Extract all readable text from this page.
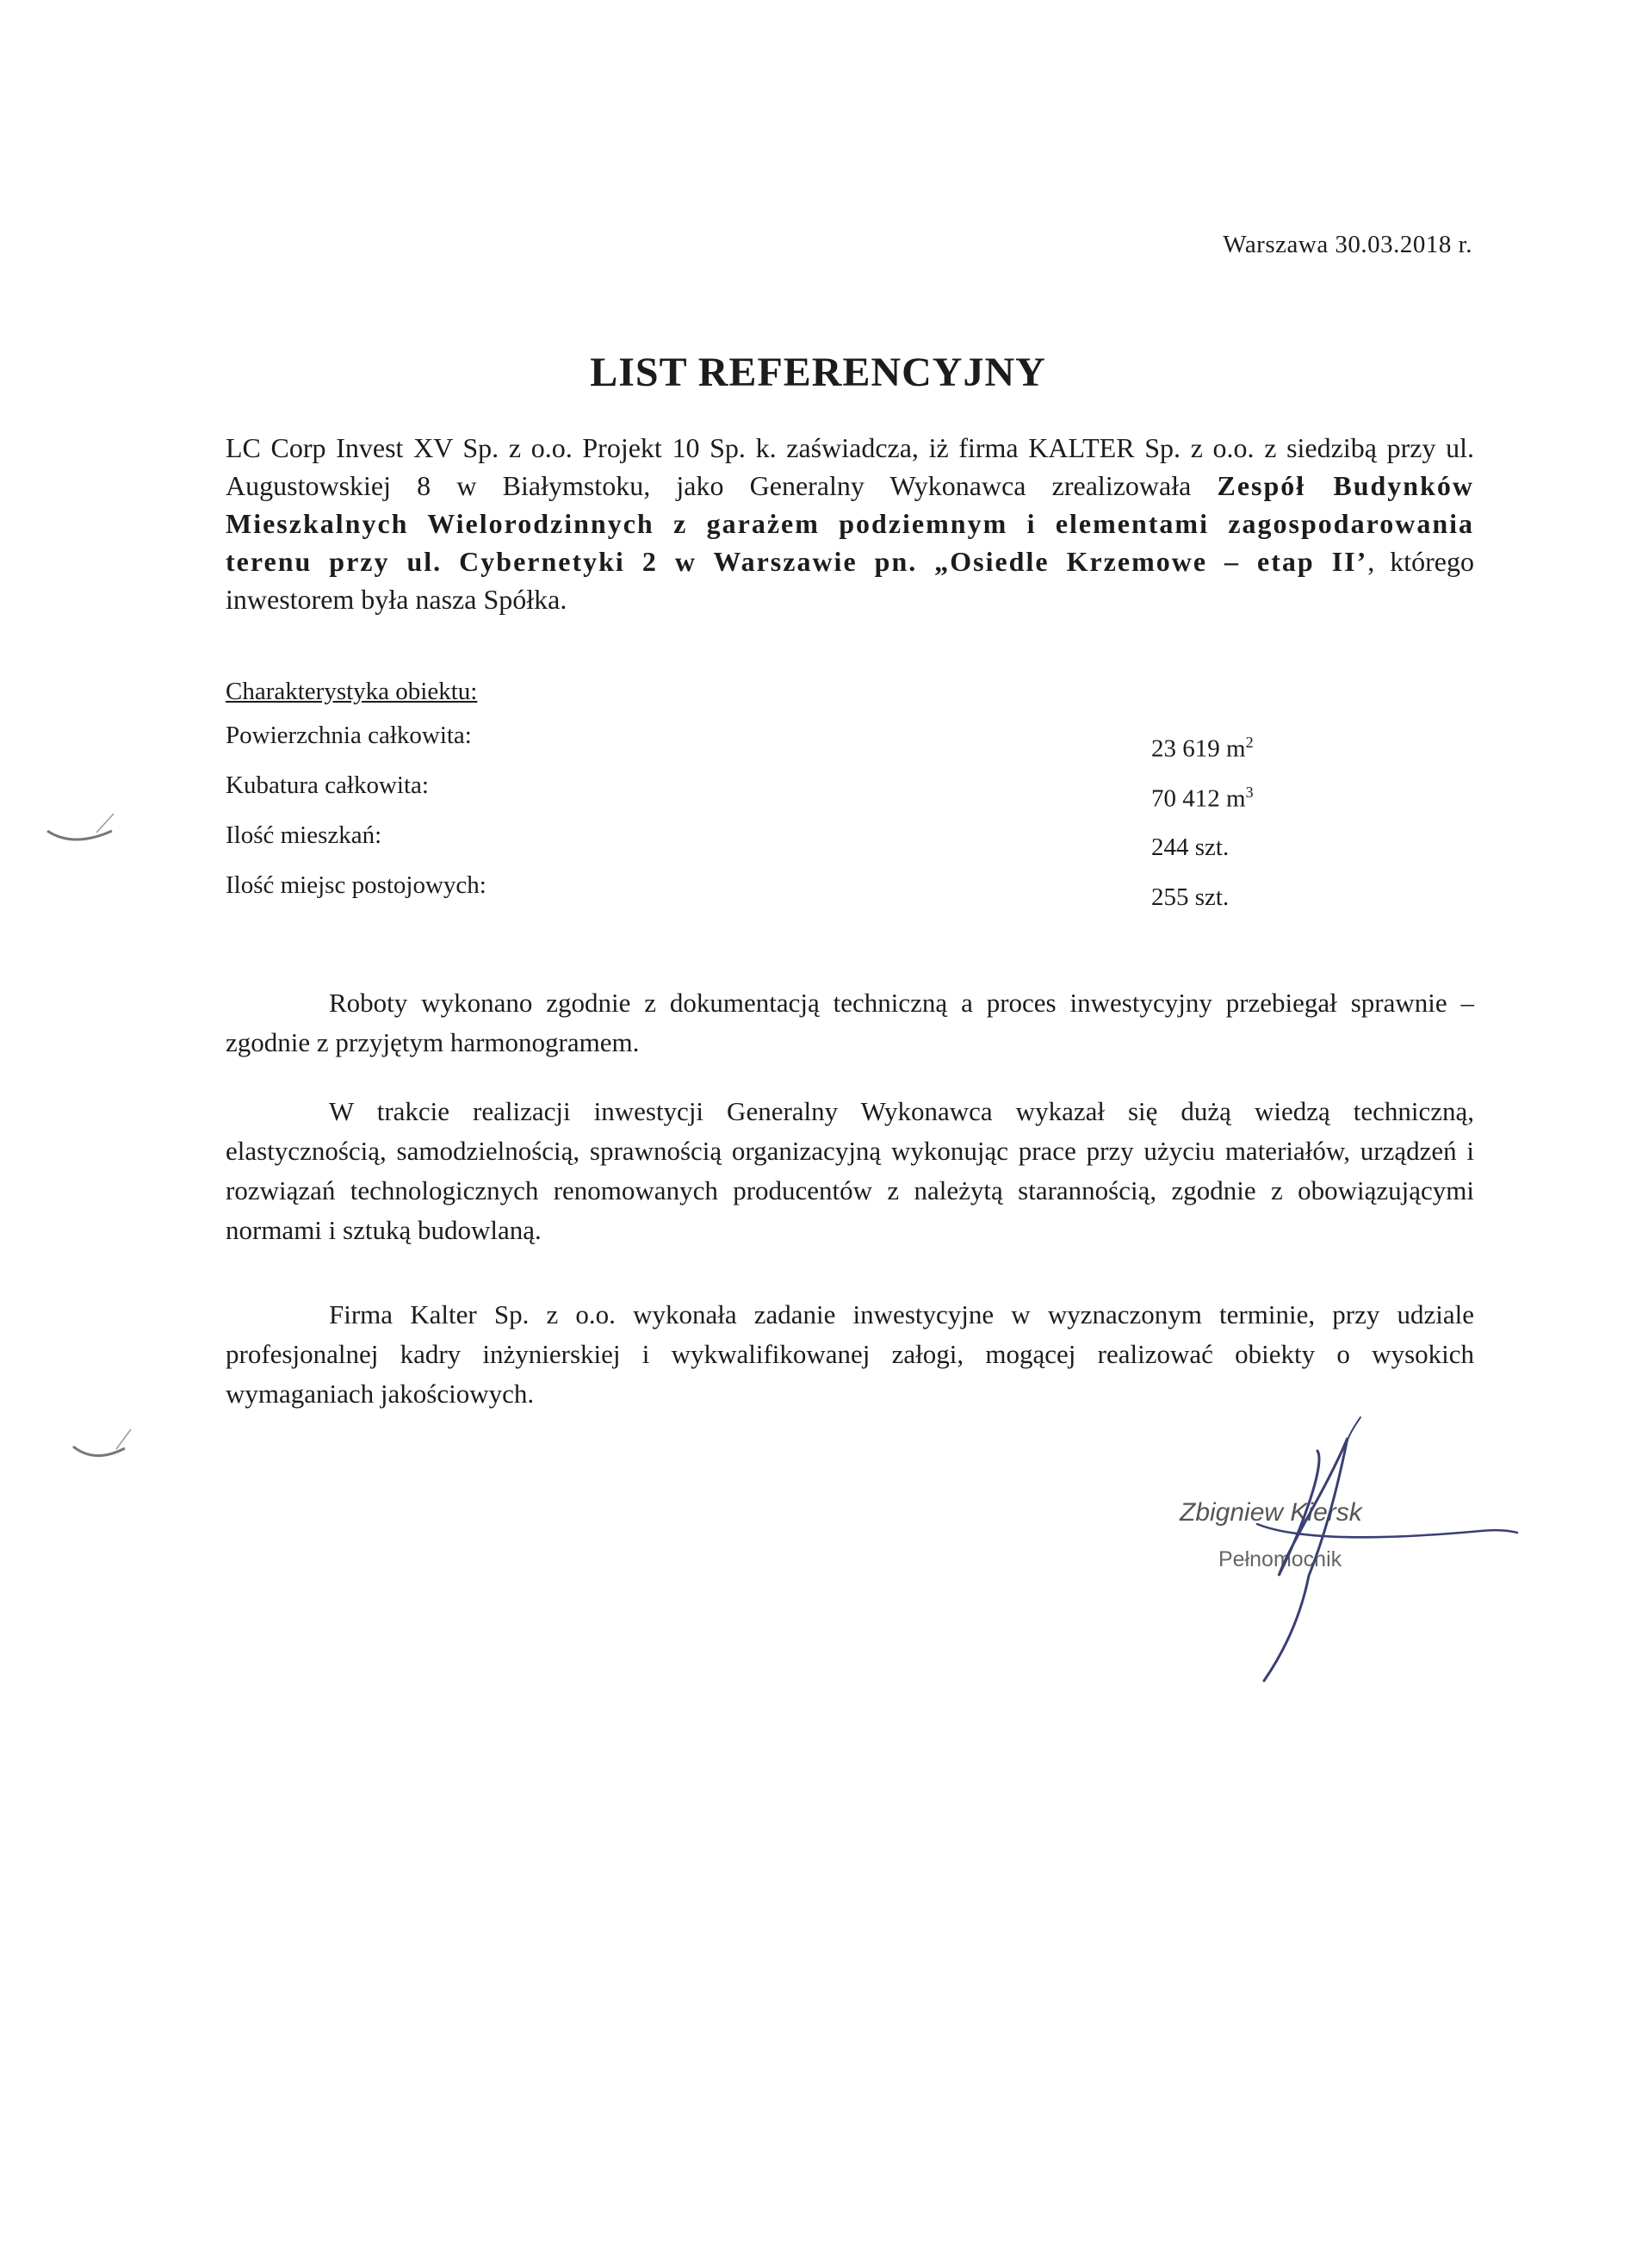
Warszawa 30.03.2018 r.
LIST REFERENCYJNY
LC Corp Invest XV Sp. z o.o. Projekt 10 Sp. k. zaświadcza, iż firma KALTER Sp. z o.o. z siedzibą przy ul. Augustowskiej 8 w Białymstoku, jako Generalny Wykonawca zrealizowała Zespół Budynków Mieszkalnych Wielorodzinnych z garażem podziemnym i elementami zagospodarowania terenu przy ul. Cybernetyki 2 w Warszawie pn. „Osiedle Krzemowe – etap II’, którego inwestorem była nasza Spółka.
Charakterystyka obiektu:
Powierzchnia całkowita:	23 619 $m^2$
Kubatura całkowita:	70 412 $m^3$
Ilość mieszkań:	244 szt.
Ilość miejsc postojowych:	255 szt.
Roboty wykonano zgodnie z dokumentacją techniczną a proces inwestycyjny przebiegał sprawnie – zgodnie z przyjętym harmonogramem.
W trakcie realizacji inwestycji Generalny Wykonawca wykazał się dużą wiedzą techniczną, elastycznością, samodzielnością, sprawnością organizacyjną wykonując prace przy użyciu materiałów, urządzeń i rozwiązań technologicznych renomowanych producentów z należytą starannością, zgodnie z obowiązującymi normami i sztuką budowlaną.
Firma Kalter Sp. z o.o. wykonała zadanie inwestycyjne w wyznaczonym terminie, przy udziale profesjonalnej kadry inżynierskiej i wykwalifikowanej załogi, mogącej realizować obiekty o wysokich wymaganiach jakościowych.
Zbigniew Kiersk
Pełnomocnik
